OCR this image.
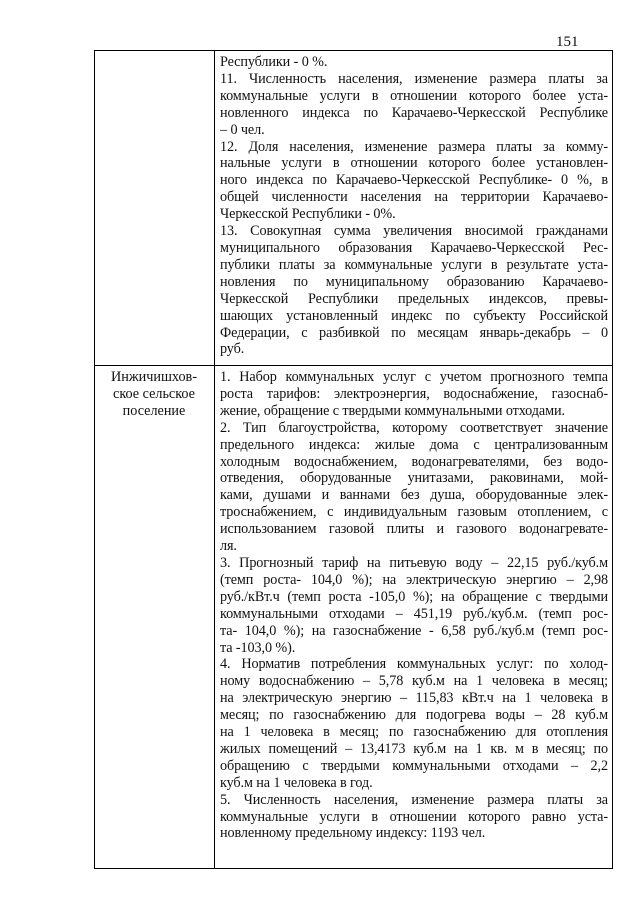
151
Республики - 0 %.
11. Численность населения, изменение размера платы за
коммунальные услуги в отношении которого более уста-
новленного индекса по Карачаево-Черкесской Республике
– 0 чел.
12. Доля населения, изменение размера платы за комму-
нальные услуги в отношении которого более установлен-
ного индекса по Карачаево-Черкесской Республике- 0 %, в
общей численности населения на территории Карачаево-
Черкесской Республики - 0%.
13. Совокупная сумма увеличения вносимой гражданами
муниципального образования Карачаево-Черкесской Рес-
публики платы за коммунальные услуги в результате уста-
новления по муниципальному образованию Карачаево-
Черкесской Республики предельных индексов, превы-
шающих установленный индекс по субъекту Российской
Федерации, с разбивкой по месяцам январь-декабрь – 0
руб.
Инжичишхов-
ское сельское
поселение
1. Набор коммунальных услуг с учетом прогнозного темпа
роста тарифов: электроэнергия, водоснабжение, газоснаб-
жение, обращение с твердыми коммунальными отходами.
2. Тип благоустройства, которому соответствует значение
предельного индекса: жилые дома с централизованным
холодным водоснабжением, водонагревателями, без водо-
отведения, оборудованные унитазами, раковинами, мой-
ками, душами и ваннами без душа, оборудованные элек-
троснабжением, с индивидуальным газовым отоплением, с
использованием газовой плиты и газового водонагревате-
ля.
3. Прогнозный тариф на питьевую воду – 22,15 руб./куб.м
(темп роста- 104,0 %); на электрическую энергию – 2,98
руб./кВт.ч (темп роста -105,0 %); на обращение с твердыми
коммунальными отходами – 451,19 руб./куб.м. (темп рос-
та- 104,0 %); на газоснабжение - 6,58 руб./куб.м (темп рос-
та -103,0 %).
4. Норматив потребления коммунальных услуг: по холод-
ному водоснабжению – 5,78 куб.м на 1 человека в месяц;
на электрическую энергию – 115,83 кВт.ч на 1 человека в
месяц; по газоснабжению для подогрева воды – 28 куб.м
на 1 человека в месяц; по газоснабжению для отопления
жилых помещений – 13,4173 куб.м на 1 кв. м в месяц; по
обращению с твердыми коммунальными отходами – 2,2
куб.м на 1 человека в год.
5. Численность населения, изменение размера платы за
коммунальные услуги в отношении которого равно уста-
новленному предельному индексу: 1193 чел.
